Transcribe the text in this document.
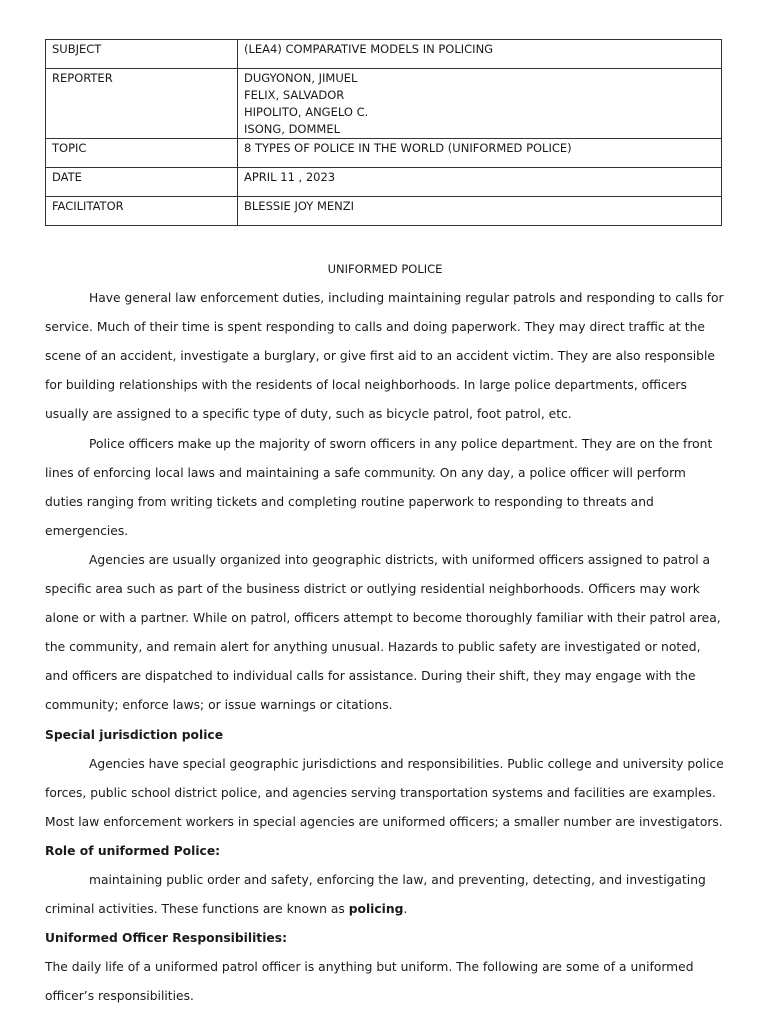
SUBJECT	(LEA4) COMPARATIVE MODELS IN POLICING
REPORTER	DUGYONON, JIMUEL
FELIX, SALVADOR
HIPOLITO, ANGELO C.
ISONG, DOMMEL

TOPIC	8 TYPES OF POLICE IN THE WORLD (UNIFORMED POLICE)
DATE	APRIL 11 , 2023
FACILITATOR	BLESSIE JOY MENZI

UNIFORMED POLICE

Have general law enforcement duties, including maintaining regular patrols and responding to calls for service. Much of their time is spent responding to calls and doing paperwork. They may direct traffic at the scene of an accident, investigate a burglary, or give first aid to an accident victim. They are also responsible for building relationships with the residents of local neighborhoods. In large police departments, officers usually are assigned to a specific type of duty, such as bicycle patrol, foot patrol, etc.

Police officers make up the majority of sworn officers in any police department. They are on the front lines of enforcing local laws and maintaining a safe community. On any day, a police officer will perform duties ranging from writing tickets and completing routine paperwork to responding to threats and emergencies.

Agencies are usually organized into geographic districts, with uniformed officers assigned to patrol a specific area such as part of the business district or outlying residential neighborhoods. Officers may work alone or with a partner. While on patrol, officers attempt to become thoroughly familiar with their patrol area, the community, and remain alert for anything unusual. Hazards to public safety are investigated or noted, and officers are dispatched to individual calls for assistance. During their shift, they may engage with the community; enforce laws; or issue warnings or citations.

Special jurisdiction police

Agencies have special geographic jurisdictions and responsibilities. Public college and university police forces, public school district police, and agencies serving transportation systems and facilities are examples. Most law enforcement workers in special agencies are uniformed officers; a smaller number are investigators.

Role of uniformed Police:

maintaining public order and safety, enforcing the law, and preventing, detecting, and investigating criminal activities. These functions are known as policing.

Uniformed Officer Responsibilities:

The daily life of a uniformed patrol officer is anything but uniform. The following are some of a uniformed officer’s responsibilities.
